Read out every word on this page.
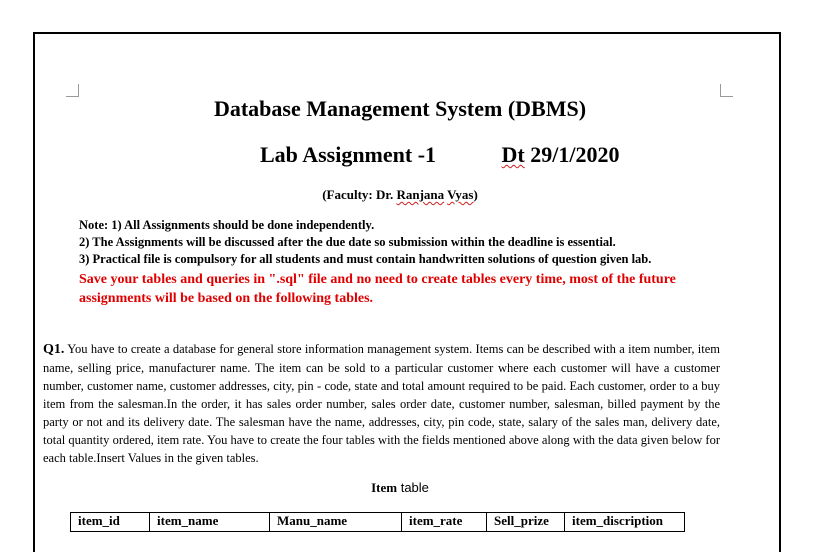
Database Management System (DBMS)
Lab Assignment -1	Dt 29/1/2020
(Faculty: Dr. Ranjana Vyas)
Note: 1) All Assignments should be done independently.
2) The Assignments will be discussed after the due date so submission within the deadline is essential.
3) Practical file is compulsory for all students and must contain handwritten solutions of question given lab.
Save your tables and queries in ".sql" file and no need to create tables every time, most of the future assignments will be based on the following tables.
Q1. You have to create a database for general store information management system. Items can be described with a item number, item name, selling price, manufacturer name. The item can be sold to a particular customer where each customer will have a customer number, customer name, customer addresses, city, pin - code, state and total amount required to be paid. Each customer, order to a buy item from the salesman.In the order, it has sales order number, sales order date, customer number, salesman, billed payment by the party or not and its delivery date. The salesman have the name, addresses, city, pin code, state, salary of the sales man, delivery date, total quantity ordered, item rate. You have to create the four tables with the fields mentioned above along with the data given below for each table.Insert Values in the given tables.
Item table
item_id	item_name	Manu_name	item_rate	Sell_prize	item_discription
